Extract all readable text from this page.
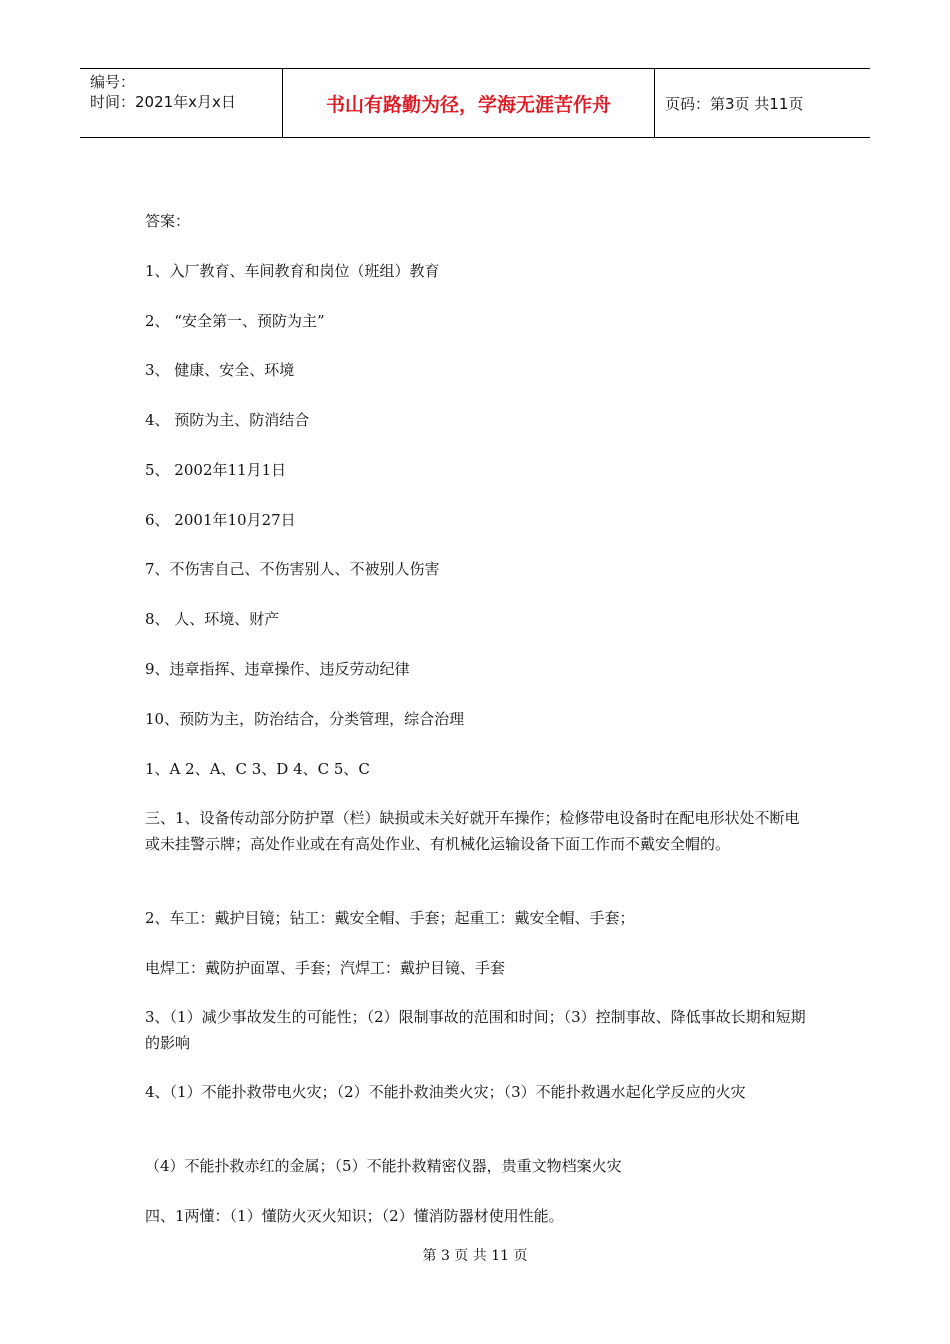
编号：
时间：2021年x月x日	书山有路勤为径，学海无涯苦作舟	页码：第3页 共11页

答案：

1、入厂教育、车间教育和岗位（班组）教育

2、 “安全第一、预防为主”

3、 健康、安全、环境

4、 预防为主、防消结合

5、 2002年11月1日

6、 2001年10月27日

7、不伤害自己、不伤害别人、不被别人伤害

8、 人、环境、财产

9、违章指挥、违章操作、违反劳动纪律

10、预防为主，防治结合，分类管理，综合治理

1、A 2、A、C 3、D 4、C 5、C

三、1、设备传动部分防护罩（栏）缺损或未关好就开车操作；检修带电设备时在配电形状处不断电或未挂警示牌；高处作业或在有高处作业、有机械化运输设备下面工作而不戴安全帽的。

2、车工：戴护目镜；钻工：戴安全帽、手套；起重工：戴安全帽、手套；

电焊工：戴防护面罩、手套；汽焊工：戴护目镜、手套

3、（1）减少事故发生的可能性；（2）限制事故的范围和时间；（3）控制事故、降低事故长期和短期的影响

4、（1）不能扑救带电火灾；（2）不能扑救油类火灾；（3）不能扑救遇水起化学反应的火灾

（4）不能扑救赤红的金属；（5）不能扑救精密仪器，贵重文物档案火灾

四、1两懂：（1）懂防火灭火知识；（2）懂消防器材使用性能。

第 3 页 共 11 页
